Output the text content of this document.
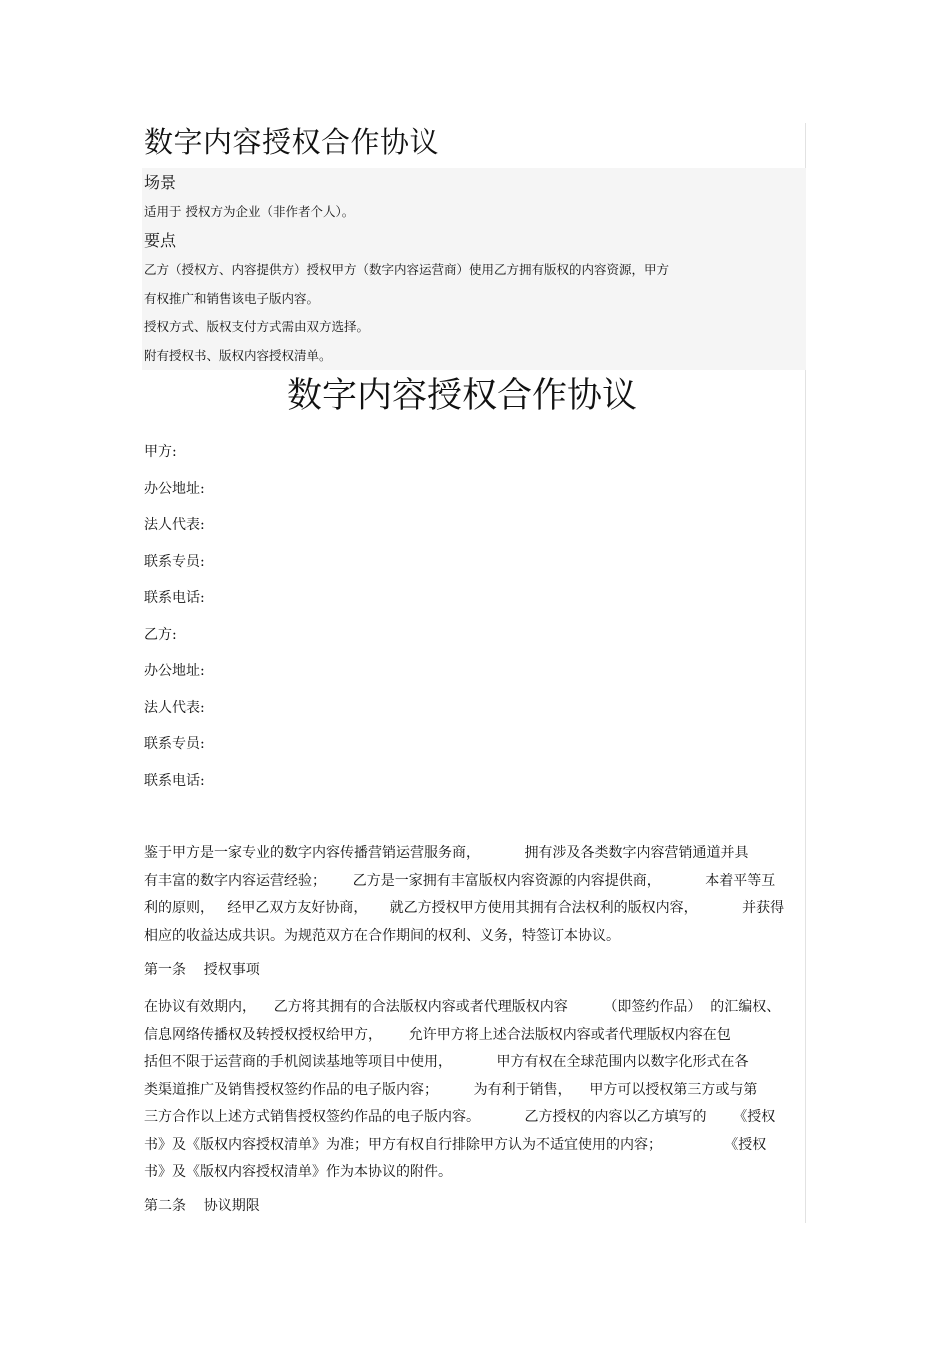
数字内容授权合作协议
场景

适用于 授权方为企业（非作者个人）。

要点

乙方（授权方、内容提供方）授权甲方（数字内容运营商）使用乙方拥有版权的内容资源，甲方

有权推广和销售该电子版内容。

授权方式、版权支付方式需由双方选择。

附有授权书、版权内容授权清单。

数字内容授权合作协议
甲方:
办公地址:
法人代表:
联系专员:
联系电话:
乙方:
办公地址:
法人代表:
联系专员:
联系电话:

鉴于甲方是一家专业的数字内容传播营销运营服务商，          拥有涉及各类数字内容营销通道并具
有丰富的数字内容运营经验；      乙方是一家拥有丰富版权内容资源的内容提供商，          本着平等互
利的原则，   经甲乙双方友好协商，     就乙方授权甲方使用其拥有合法权利的版权内容，          并获得
相应的收益达成共识。为规范双方在合作期间的权利、义务，特签订本协议。

第一条    授权事项

在协议有效期内，    乙方将其拥有的合法版权内容或者代理版权内容        （即签约作品）  的汇编权、
信息网络传播权及转授权授权给甲方，      允许甲方将上述合法版权内容或者代理版权内容在包
括但不限于运营商的手机阅读基地等项目中使用，          甲方有权在全球范围内以数字化形式在各
类渠道推广及销售授权签约作品的电子版内容；        为有利于销售，    甲方可以授权第三方或与第
三方合作以上述方式销售授权签约作品的电子版内容。          乙方授权的内容以乙方填写的      《授权
书》及《版权内容授权清单》为准；甲方有权自行排除甲方认为不适宜使用的内容；              《授权
书》及《版权内容授权清单》作为本协议的附件。

第二条    协议期限
